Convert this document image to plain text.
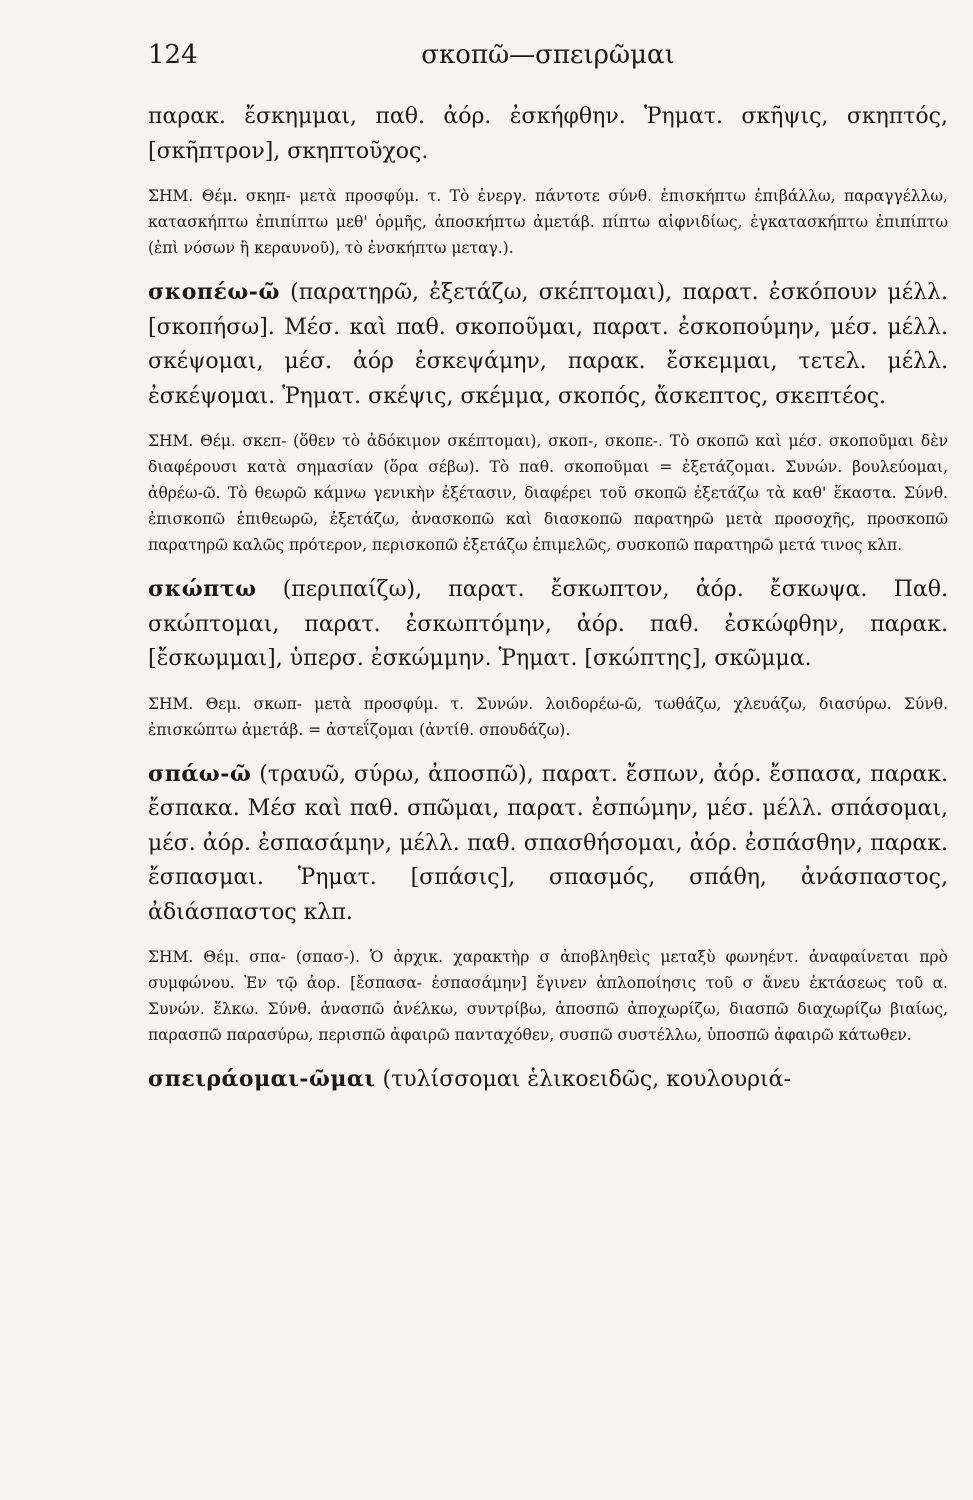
124	σκοπῶ—σπειρῶμαι

παρακ. ἔσκημμαι, παθ. ἀόρ. ἐσκήφθην. Ῥηματ. σκῆψις, σκηπτός, [σκῆπτρον], σκηπτοῦχος.

ΣΗΜ. Θέμ. σκηπ- μετὰ προσφύμ. τ. Τὸ ἐνεργ. πάντοτε σύνθ. ἐπισκήπτω ἐπιβάλλω, παραγγέλλω, κατασκήπτω ἐπιπίπτω μεθ' ὁρμῆς, ἀποσκήπτω ἀμετάβ. πίπτω αἰφνιδίως, ἐγκατασκήπτω ἐπιπίπτω (ἐπὶ νόσων ἢ κεραυνοῦ), τὸ ἐνσκήπτω μεταγ.).

σκοπέω-ῶ (παρατηρῶ, ἐξετάζω, σκέπτομαι), παρατ. ἐσκόπουν μέλλ. [σκοπήσω]. Μέσ. καὶ παθ. σκοποῦμαι, παρατ. ἐσκοπούμην, μέσ. μέλλ. σκέψομαι, μέσ. ἀόρ ἐσκεψάμην, παρακ. ἔσκεμμαι, τετελ. μέλλ. ἐσκέψομαι. Ῥηματ. σκέψις, σκέμμα, σκοπός, ἄσκεπτος, σκεπτέος.

ΣΗΜ. Θέμ. σκεπ- (ὅθεν τὸ ἀδόκιμον σκέπτομαι), σκοπ-, σκοπε-. Τὸ σκοπῶ καὶ μέσ. σκοποῦμαι δὲν διαφέρουσι κατὰ σημασίαν (ὅρα σέβω). Τὸ παθ. σκοποῦμαι = ἐξετάζομαι. Συνών. βουλεύομαι, ἀθρέω-ῶ. Τὸ θεωρῶ κάμνω γενικὴν ἐξέτασιν, διαφέρει τοῦ σκοπῶ ἐξετάζω τὰ καθ' ἕκαστα. Σύνθ. ἐπισκοπῶ ἐπιθεωρῶ, ἐξετάζω, ἀνασκοπῶ καὶ διασκοπῶ παρατηρῶ μετὰ προσοχῆς, προσκοπῶ παρατηρῶ καλῶς πρότερον, περισκοπῶ ἐξετάζω ἐπιμελῶς, συσκοπῶ παρατηρῶ μετά τινος κλπ.

σκώπτω (περιπαίζω), παρατ. ἔσκωπτον, ἀόρ. ἔσκωψα. Παθ. σκώπτομαι, παρατ. ἐσκωπτόμην, ἀόρ. παθ. ἐσκώφθην, παρακ. [ἔσκωμμαι], ὑπερσ. ἐσκώμμην. Ῥηματ. [σκώπτης], σκῶμμα.

ΣΗΜ. Θεμ. σκωπ- μετὰ προσφύμ. τ. Συνών. λοιδορέω-ῶ, τωθάζω, χλευάζω, διασύρω. Σύνθ. ἐπισκώπτω ἀμετάβ. = ἀστεΐζομαι (ἀντίθ. σπουδάζω).

σπάω-ῶ (τραυῶ, σύρω, ἀποσπῶ), παρατ. ἔσπων, ἀόρ. ἔσπασα, παρακ. ἔσπακα. Μέσ καὶ παθ. σπῶμαι, παρατ. ἐσπώμην, μέσ. μέλλ. σπάσομαι, μέσ. ἀόρ. ἐσπασάμην, μέλλ. παθ. σπασθήσομαι, ἀόρ. ἐσπάσθην, παρακ. ἔσπασμαι. Ῥηματ. [σπάσις], σπασμός, σπάθη, ἀνάσπαστος, ἀδιάσπαστος κλπ.

ΣΗΜ. Θέμ. σπα- (σπασ-). Ὁ ἀρχικ. χαρακτὴρ σ ἀποβληθεὶς μεταξὺ φωνηέντ. ἀναφαίνεται πρὸ συμφώνου. Ἐν τῷ ἀορ. [ἔσπασα- ἐσπασάμην] ἔγινεν ἁπλοποίησις τοῦ σ ἄνευ ἐκτάσεως τοῦ α. Συνών. ἕλκω. Σύνθ. ἀνασπῶ ἀνέλκω, συντρίβω, ἀποσπῶ ἀποχωρίζω, διασπῶ διαχωρίζω βιαίως, παρασπῶ παρασύρω, περισπῶ ἀφαιρῶ πανταχόθεν, συσπῶ συστέλλω, ὑποσπῶ ἀφαιρῶ κάτωθεν.

σπειράομαι-ῶμαι (τυλίσσομαι ἑλικοειδῶς, κουλουριά-
